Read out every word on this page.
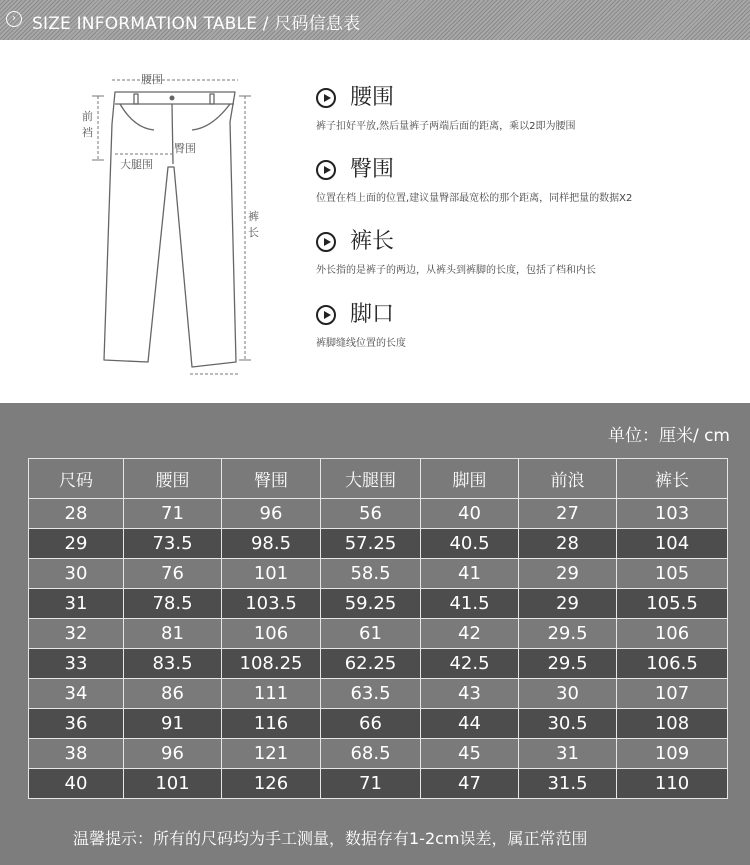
› SIZE INFORMATION TABLE / 尺码信息表
腰围
前
裆
臀围
大腿围
裤
长
腰围
裤子扣好平放,然后量裤子两端后面的距离，乘以2即为腰围
臀围
位置在档上面的位置,建议量臀部最宽松的那个距离，同样把量的数据X2
裤长
外长指的是裤子的两边，从裤头到裤脚的长度，包括了档和内长
脚口
裤脚缝线位置的长度
单位：厘米/ cm
尺码	腰围	臀围	大腿围	脚围	前浪	裤长
28	71	96	56	40	27	103
29	73.5	98.5	57.25	40.5	28	104
30	76	101	58.5	41	29	105
31	78.5	103.5	59.25	41.5	29	105.5
32	81	106	61	42	29.5	106
33	83.5	108.25	62.25	42.5	29.5	106.5
34	86	111	63.5	43	30	107
36	91	116	66	44	30.5	108
38	96	121	68.5	45	31	109
40	101	126	71	47	31.5	110
温馨提示：所有的尺码均为手工测量，数据存有1-2cm误差，属正常范围
